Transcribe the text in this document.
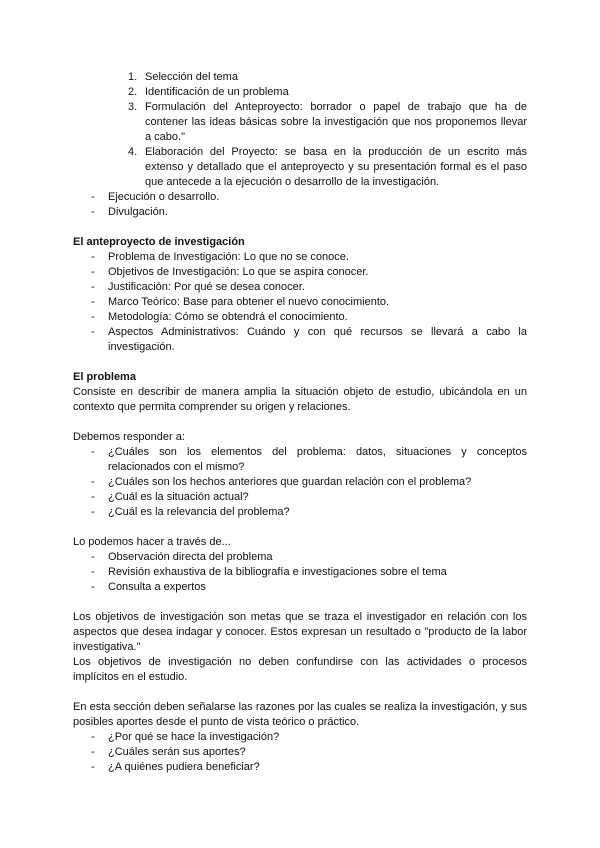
1. Selección del tema
2. Identificación de un problema
3. Formulación del Anteproyecto: borrador o papel de trabajo que ha de contener las ideas básicas sobre la investigación que nos proponemos llevar a cabo."
4. Elaboración del Proyecto: se basa en la producción de un escrito más extenso y detallado que el anteproyecto y su presentación formal es el paso que antecede a la ejecución o desarrollo de la investigación.
- Ejecución o desarrollo.
- Divulgación.
El anteproyecto de investigación
- Problema de Investigación: Lo que no se conoce.
- Objetivos de Investigación: Lo que se aspira conocer.
- Justificación: Por qué se desea conocer.
- Marco Teórico: Base para obtener el nuevo conocimiento.
- Metodología: Cómo se obtendrá el conocimiento.
- Aspectos Administrativos: Cuándo y con qué recursos se llevará a cabo la investigación.
El problema

Consiste en describir de manera amplia la situación objeto de estudio, ubicándola en un contexto que permita comprender su origen y relaciones.

Debemos responder a:

- ¿Cuáles son los elementos del problema: datos, situaciones y conceptos relacionados con el mismo?
- ¿Cuáles son los hechos anteriores que guardan relación con el problema?
- ¿Cuál es la situación actual?
- ¿Cuál es la relevancia del problema?

Lo podemos hacer a través de...

- Observación directa del problema
- Revisión exhaustiva de la bibliografía e investigaciones sobre el tema
- Consulta a expertos

Los objetivos de investigación son metas que se traza el investigador en relación con los aspectos que desea indagar y conocer. Estos expresan un resultado o "producto de la labor investigativa."

Los objetivos de investigación no deben confundirse con las actividades o procesos implícitos en el estudio.

En esta sección deben señalarse las razones por las cuales se realiza la investigación, y sus posibles aportes desde el punto de vista teórico o práctico.

- ¿Por qué se hace la investigación?
- ¿Cuáles serán sus aportes?
- ¿A quiénes pudiera beneficiar?
